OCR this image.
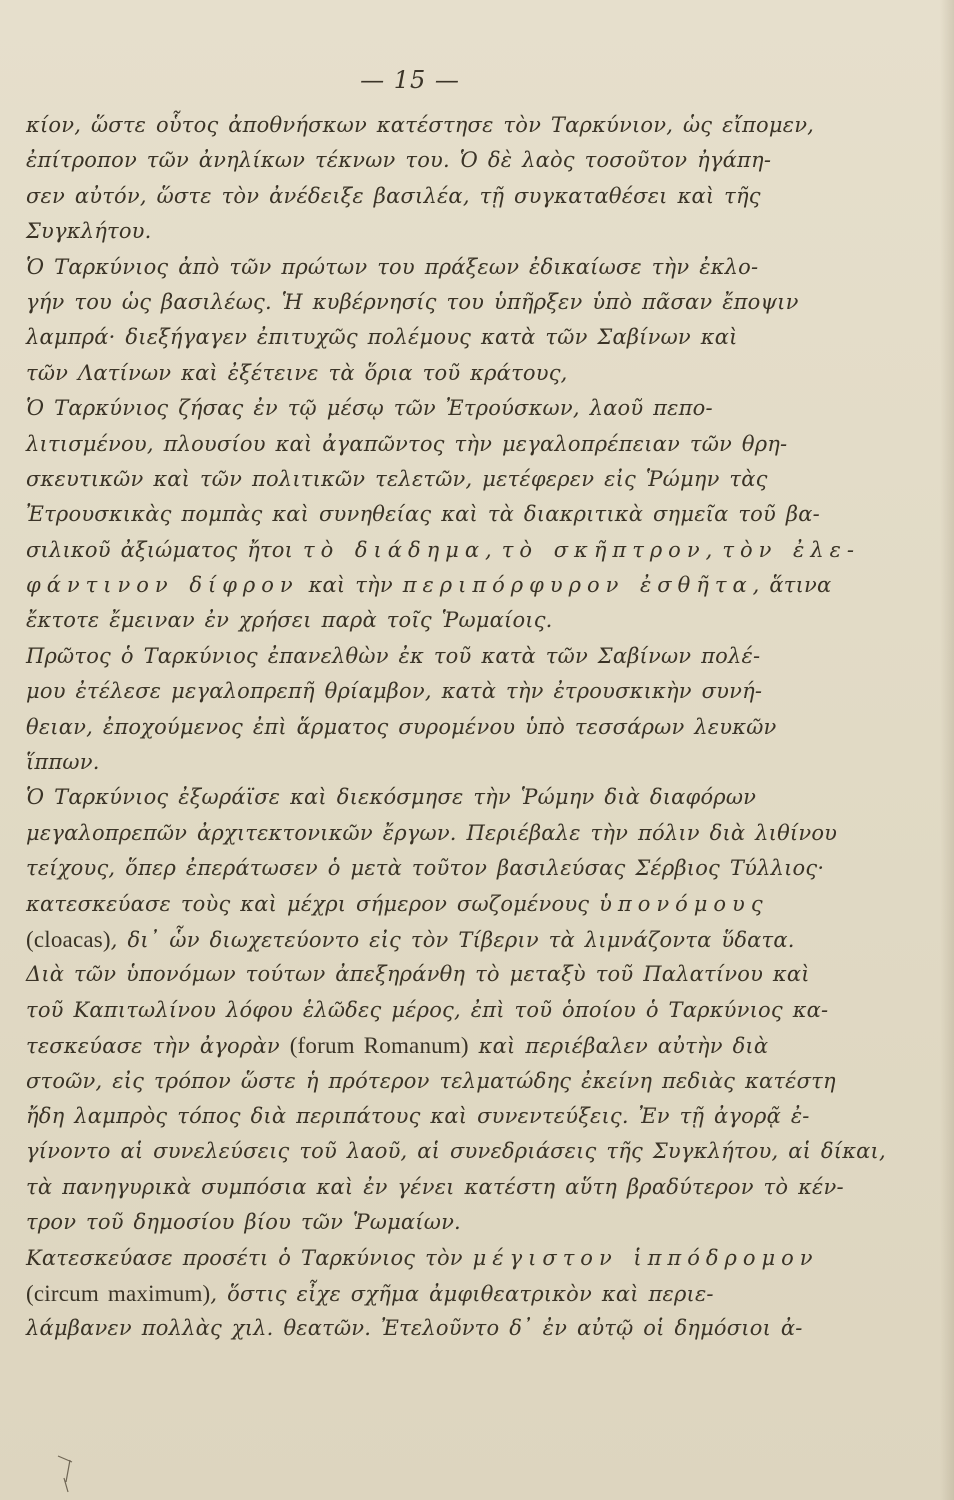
— 15 —
κίον, ὥστε οὗτος ἀποθνήσκων κατέστησε τὸν Ταρκύνιον, ὡς εἴπομεν,
ἐπίτροπον τῶν ἀνηλίκων τέκνων του. Ὁ δὲ λαὸς τοσοῦτον ἠγάπη-
σεν αὐτόν, ὥστε τὸν ἀνέδειξε βασιλέα, τῇ συγκαταθέσει καὶ τῆς
Συγκλήτου.
Ὁ Ταρκύνιος ἀπὸ τῶν πρώτων του πράξεων ἐδικαίωσε τὴν ἐκλο-
γήν του ὡς βασιλέως. Ἡ κυβέρνησίς του ὑπῆρξεν ὑπὸ πᾶσαν ἔποψιν
λαμπρά· διεξήγαγεν ἐπιτυχῶς πολέμους κατὰ τῶν Σαβίνων καὶ
τῶν Λατίνων καὶ ἐξέτεινε τὰ ὅρια τοῦ κράτους,
Ὁ Ταρκύνιος ζήσας ἐν τῷ μέσῳ τῶν Ἐτρούσκων, λαοῦ πεπο-
λιτισμένου, πλουσίου καὶ ἀγαπῶντος τὴν μεγαλοπρέπειαν τῶν θρη-
σκευτικῶν καὶ τῶν πολιτικῶν τελετῶν, μετέφερεν εἰς Ῥώμην τὰς
Ἐτρουσκικὰς πομπὰς καὶ συνηθείας καὶ τὰ διακριτικὰ σημεῖα τοῦ βα-
σιλικοῦ ἀξιώματος ἤτοι τὸ διάδημα, τὸ σκῆπτρον, τὸν ἐλε-
φάντινον δίφρον καὶ τὴν περιπόρφυρον ἐσθῆτα, ἅτινα
ἔκτοτε ἔμειναν ἐν χρήσει παρὰ τοῖς Ῥωμαίοις.
Πρῶτος ὁ Ταρκύνιος ἐπανελθὼν ἐκ τοῦ κατὰ τῶν Σαβίνων πολέ-
μου ἐτέλεσε μεγαλοπρεπῆ θρίαμβον, κατὰ τὴν ἐτρουσκικὴν συνή-
θειαν, ἐποχούμενος ἐπὶ ἅρματος συρομένου ὑπὸ τεσσάρων λευκῶν
ἵππων.
Ὁ Ταρκύνιος ἐξωράϊσε καὶ διεκόσμησε τὴν Ῥώμην διὰ διαφόρων
μεγαλοπρεπῶν ἀρχιτεκτονικῶν ἔργων. Περιέβαλε τὴν πόλιν διὰ λιθίνου
τείχους, ὅπερ ἐπεράτωσεν ὁ μετὰ τοῦτον βασιλεύσας Σέρβιος Τύλλιος·
κατεσκεύασε τοὺς καὶ μέχρι σήμερον σωζομένους ὑπονόμους
(cloacas), δι᾽ ὧν διωχετεύοντο εἰς τὸν Τίβεριν τὰ λιμνάζοντα ὕδατα.
Διὰ τῶν ὑπονόμων τούτων ἀπεξηράνθη τὸ μεταξὺ τοῦ Παλατίνου καὶ
τοῦ Καπιτωλίνου λόφου ἑλῶδες μέρος, ἐπὶ τοῦ ὁποίου ὁ Ταρκύνιος κα-
τεσκεύασε τὴν ἀγορὰν (forum Romanum) καὶ περιέβαλεν αὐτὴν διὰ
στοῶν, εἰς τρόπον ὥστε ἡ πρότερον τελματώδης ἐκείνη πεδιὰς κατέστη
ἤδη λαμπρὸς τόπος διὰ περιπάτους καὶ συνεντεύξεις. Ἐν τῇ ἀγορᾷ ἐ-
γίνοντο αἱ συνελεύσεις τοῦ λαοῦ, αἱ συνεδριάσεις τῆς Συγκλήτου, αἱ δίκαι,
τὰ πανηγυρικὰ συμπόσια καὶ ἐν γένει κατέστη αὕτη βραδύτερον τὸ κέν-
τρον τοῦ δημοσίου βίου τῶν Ῥωμαίων.
Κατεσκεύασε προσέτι ὁ Ταρκύνιος τὸν μέγιστον ἱππόδρομον
(circum maximum), ὅστις εἶχε σχῆμα ἀμφιθεατρικὸν καὶ περιε-
λάμβανεν πολλὰς χιλ. θεατῶν. Ἐτελοῦντο δ᾽ ἐν αὐτῷ οἱ δημόσιοι ἀ-
